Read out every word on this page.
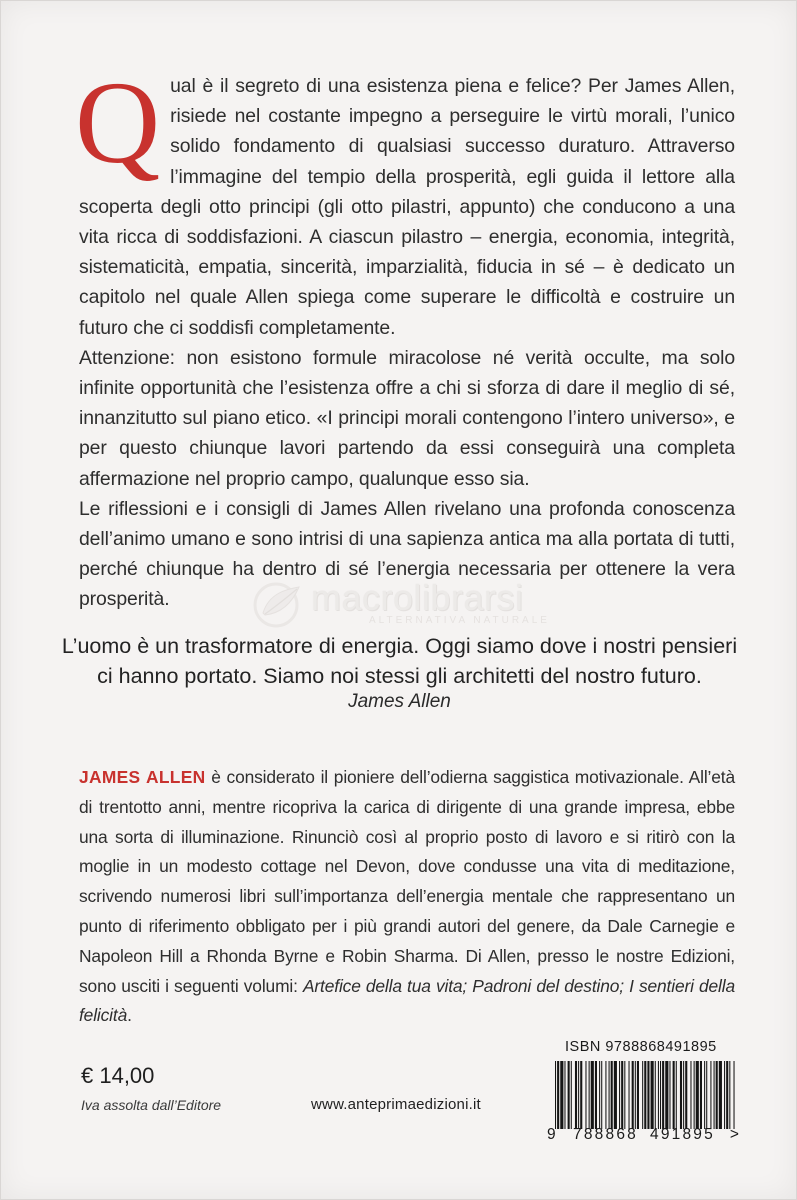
Qual è il segreto di una esistenza piena e felice? Per James Allen, risiede nel costante impegno a perseguire le virtù morali, l’unico solido fondamento di qualsiasi successo duraturo. Attraverso l’immagine del tempio della prosperità, egli guida il lettore alla scoperta degli otto principi (gli otto pilastri, appunto) che conducono a una vita ricca di soddisfazioni. A ciascun pilastro – energia, economia, integrità, sistematicità, empatia, sincerità, imparzialità, fiducia in sé – è dedicato un capitolo nel quale Allen spiega come superare le difficoltà e costruire un futuro che ci soddisfi completamente.

Attenzione: non esistono formule miracolose né verità occulte, ma solo infinite opportunità che l’esistenza offre a chi si sforza di dare il meglio di sé, innanzitutto sul piano etico. «I principi morali contengono l’intero universo», e per questo chiunque lavori partendo da essi conseguirà una completa affermazione nel proprio campo, qualunque esso sia.

Le riflessioni e i consigli di James Allen rivelano una profonda conoscenza dell’animo umano e sono intrisi di una sapienza antica ma alla portata di tutti, perché chiunque ha dentro di sé l’energia necessaria per ottenere la vera prosperità.	macrolibrarsi
ALTERNATIVA NATURALE
L’uomo è un trasformatore di energia. Oggi siamo dove i nostri pensieri
ci hanno portato. Siamo noi stessi gli architetti del nostro futuro.
James Allen
JAMES ALLEN è considerato il pioniere dell’odierna saggistica motivazionale. All’età di trentotto anni, mentre ricopriva la carica di dirigente di una grande impresa, ebbe una sorta di illuminazione. Rinunciò così al proprio posto di lavoro e si ritirò con la moglie in un modesto cottage nel Devon, dove condusse una vita di meditazione, scrivendo numerosi libri sull’importanza dell’energia mentale che rappresentano un punto di riferimento obbligato per i più grandi autori del genere, da Dale Carnegie e Napoleon Hill a Rhonda Byrne e Robin Sharma. Di Allen, presso le nostre Edizioni, sono usciti i seguenti volumi: Artefice della tua vita; Padroni del destino; I sentieri della felicità.
€ 14,00
Iva assolta dall’Editore	www.anteprimaedizioni.it
ISBN 9788868491895
9	788868 491895 >
